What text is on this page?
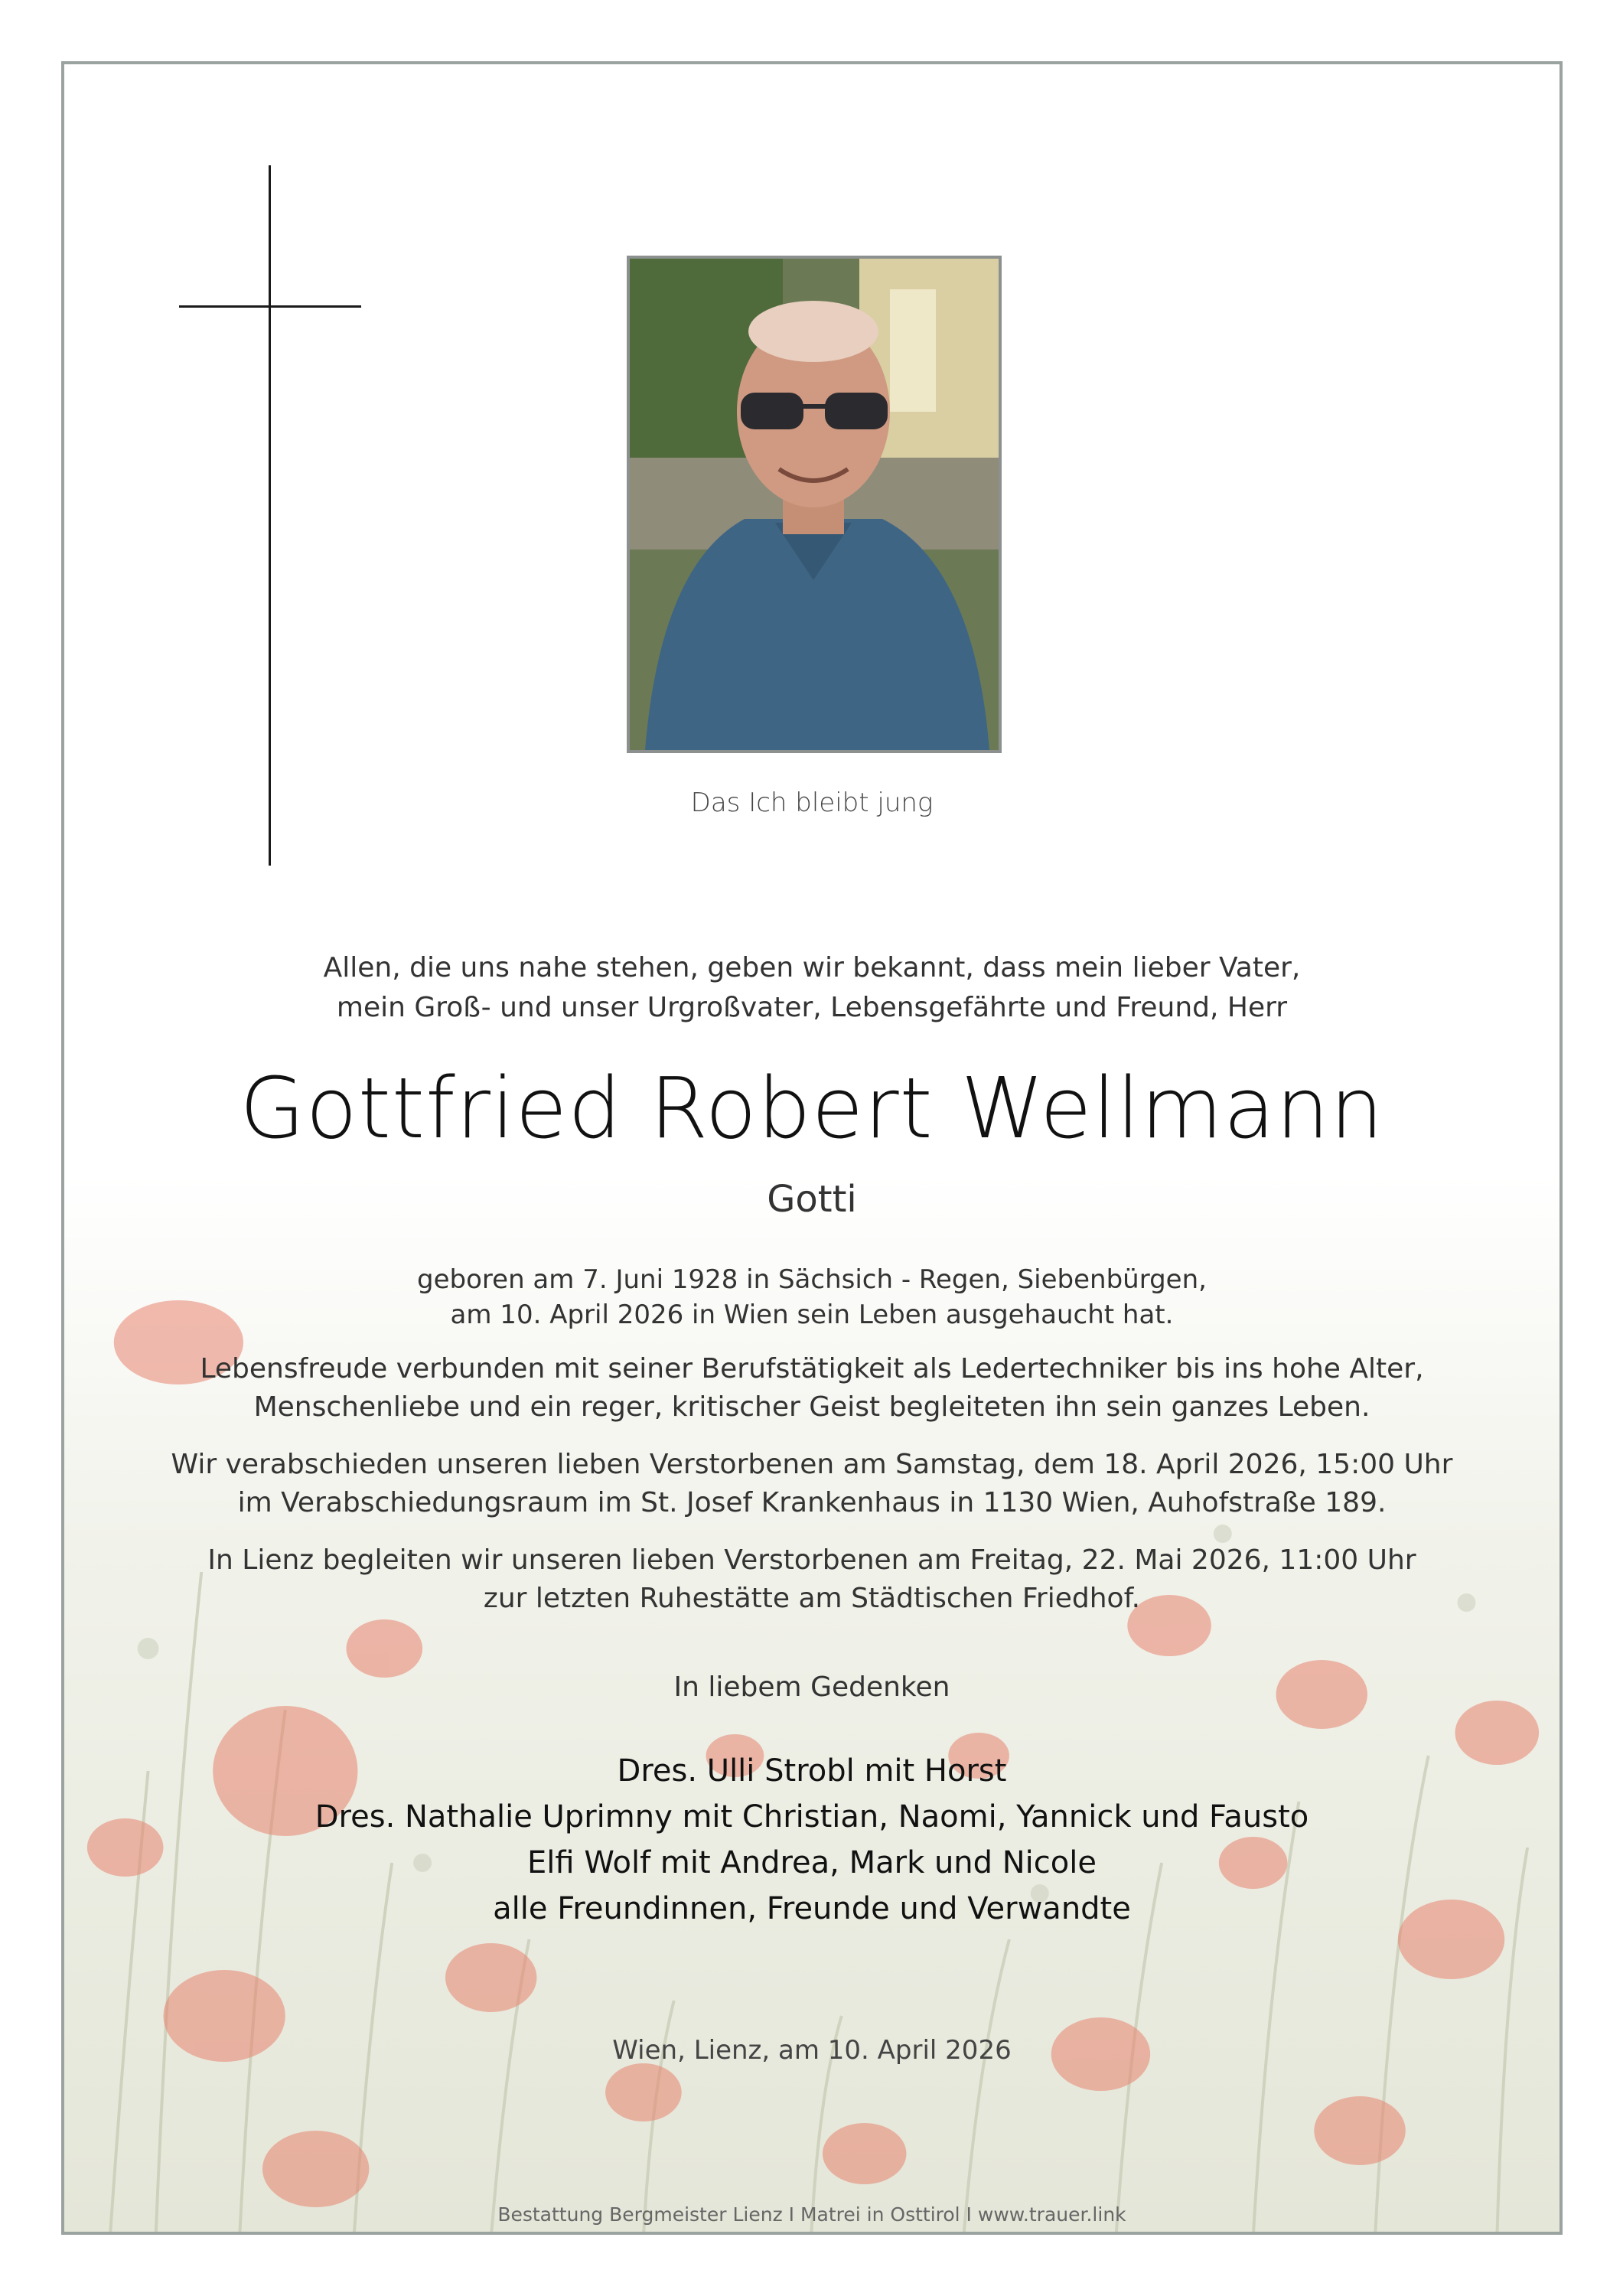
Das Ich bleibt jung
Allen, die uns nahe stehen, geben wir bekannt, dass mein lieber Vater,
mein Groß- und unser Urgroßvater, Lebensgefährte und Freund, Herr
Gottfried Robert Wellmann
Gotti
geboren am 7. Juni 1928 in Sächsich - Regen, Siebenbürgen,
am 10. April 2026 in Wien sein Leben ausgehaucht hat.
Lebensfreude verbunden mit seiner Berufstätigkeit als Ledertechniker bis ins hohe Alter,
Menschenliebe und ein reger, kritischer Geist begleiteten ihn sein ganzes Leben.
Wir verabschieden unseren lieben Verstorbenen am Samstag, dem 18. April 2026, 15:00 Uhr
im Verabschiedungsraum im St. Josef Krankenhaus in 1130 Wien, Auhofstraße 189.
In Lienz begleiten wir unseren lieben Verstorbenen am Freitag, 22. Mai 2026, 11:00 Uhr
zur letzten Ruhestätte am Städtischen Friedhof.
In liebem Gedenken
Dres. Ulli Strobl mit Horst
Dres. Nathalie Uprimny mit Christian, Naomi, Yannick und Fausto
Elfi Wolf mit Andrea, Mark und Nicole
alle Freundinnen, Freunde und Verwandte
Wien, Lienz, am 10. April 2026
Bestattung Bergmeister Lienz I Matrei in Osttirol I www.trauer.link
